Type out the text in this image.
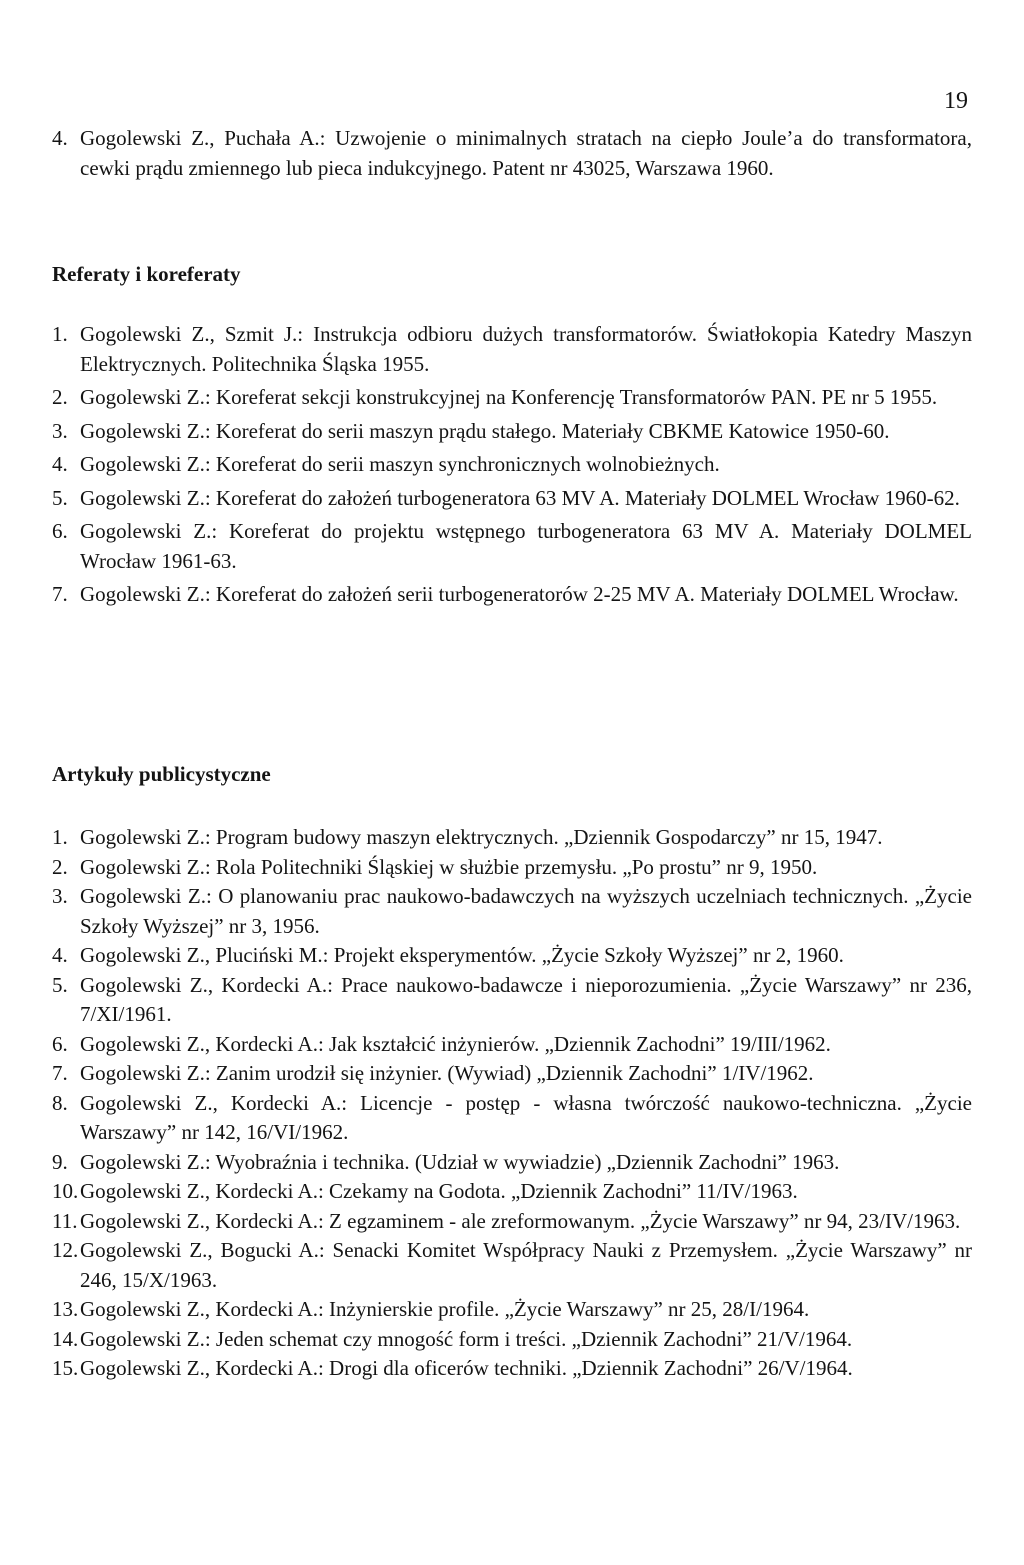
19
4. Gogolewski Z., Puchała A.: Uzwojenie o minimalnych stratach na ciepło Joule’a do transformatora, cewki prądu zmiennego lub pieca indukcyjnego. Patent nr 43025, Warszawa 1960.
Referaty i koreferaty
1. Gogolewski Z., Szmit J.: Instrukcja odbioru dużych transformatorów. Światłokopia Katedry Maszyn Elektrycznych. Politechnika Śląska 1955.
2. Gogolewski Z.: Koreferat sekcji konstrukcyjnej na Konferencję Transformatorów PAN. PE nr 5 1955.
3. Gogolewski Z.: Koreferat do serii maszyn prądu stałego. Materiały CBKME Katowice 1950-60.
4. Gogolewski Z.: Koreferat do serii maszyn synchronicznych wolnobieżnych.
5. Gogolewski Z.: Koreferat do założeń turbogeneratora 63 MV A. Materiały DOLMEL Wrocław 1960-62.
6. Gogolewski Z.: Koreferat do projektu wstępnego turbogeneratora 63 MV A. Materiały DOLMEL Wrocław 1961-63.
7. Gogolewski Z.: Koreferat do założeń serii turbogeneratorów 2-25 MV A. Materiały DOLMEL Wrocław.
Artykuły publicystyczne
1. Gogolewski Z.: Program budowy maszyn elektrycznych. „Dziennik Gospodarczy” nr 15, 1947.
2. Gogolewski Z.: Rola Politechniki Śląskiej w służbie przemysłu. „Po prostu” nr 9, 1950.
3. Gogolewski Z.: O planowaniu prac naukowo-badawczych na wyższych uczelniach technicznych. „Życie Szkoły Wyższej” nr 3, 1956.
4. Gogolewski Z., Pluciński M.: Projekt eksperymentów. „Życie Szkoły Wyższej” nr 2, 1960.
5. Gogolewski Z., Kordecki A.: Prace naukowo-badawcze i nieporozumienia. „Życie Warszawy” nr 236, 7/XI/1961.
6. Gogolewski Z., Kordecki A.: Jak kształcić inżynierów. „Dziennik Zachodni” 19/III/1962.
7. Gogolewski Z.: Zanim urodził się inżynier. (Wywiad) „Dziennik Zachodni” 1/IV/1962.
8. Gogolewski Z., Kordecki A.: Licencje - postęp - własna twórczość naukowo-techniczna. „Życie Warszawy” nr 142, 16/VI/1962.
9. Gogolewski Z.: Wyobraźnia i technika. (Udział w wywiadzie) „Dziennik Zachodni” 1963.
10. Gogolewski Z., Kordecki A.: Czekamy na Godota. „Dziennik Zachodni” 11/IV/1963.
11. Gogolewski Z., Kordecki A.: Z egzaminem - ale zreformowanym. „Życie Warszawy” nr 94, 23/IV/1963.
12. Gogolewski Z., Bogucki A.: Senacki Komitet Współpracy Nauki z Przemysłem. „Życie Warszawy” nr 246, 15/X/1963.
13. Gogolewski Z., Kordecki A.: Inżynierskie profile. „Życie Warszawy” nr 25, 28/I/1964.
14. Gogolewski Z.: Jeden schemat czy mnogość form i treści. „Dziennik Zachodni” 21/V/1964.
15. Gogolewski Z., Kordecki A.: Drogi dla oficerów techniki. „Dziennik Zachodni” 26/V/1964.
